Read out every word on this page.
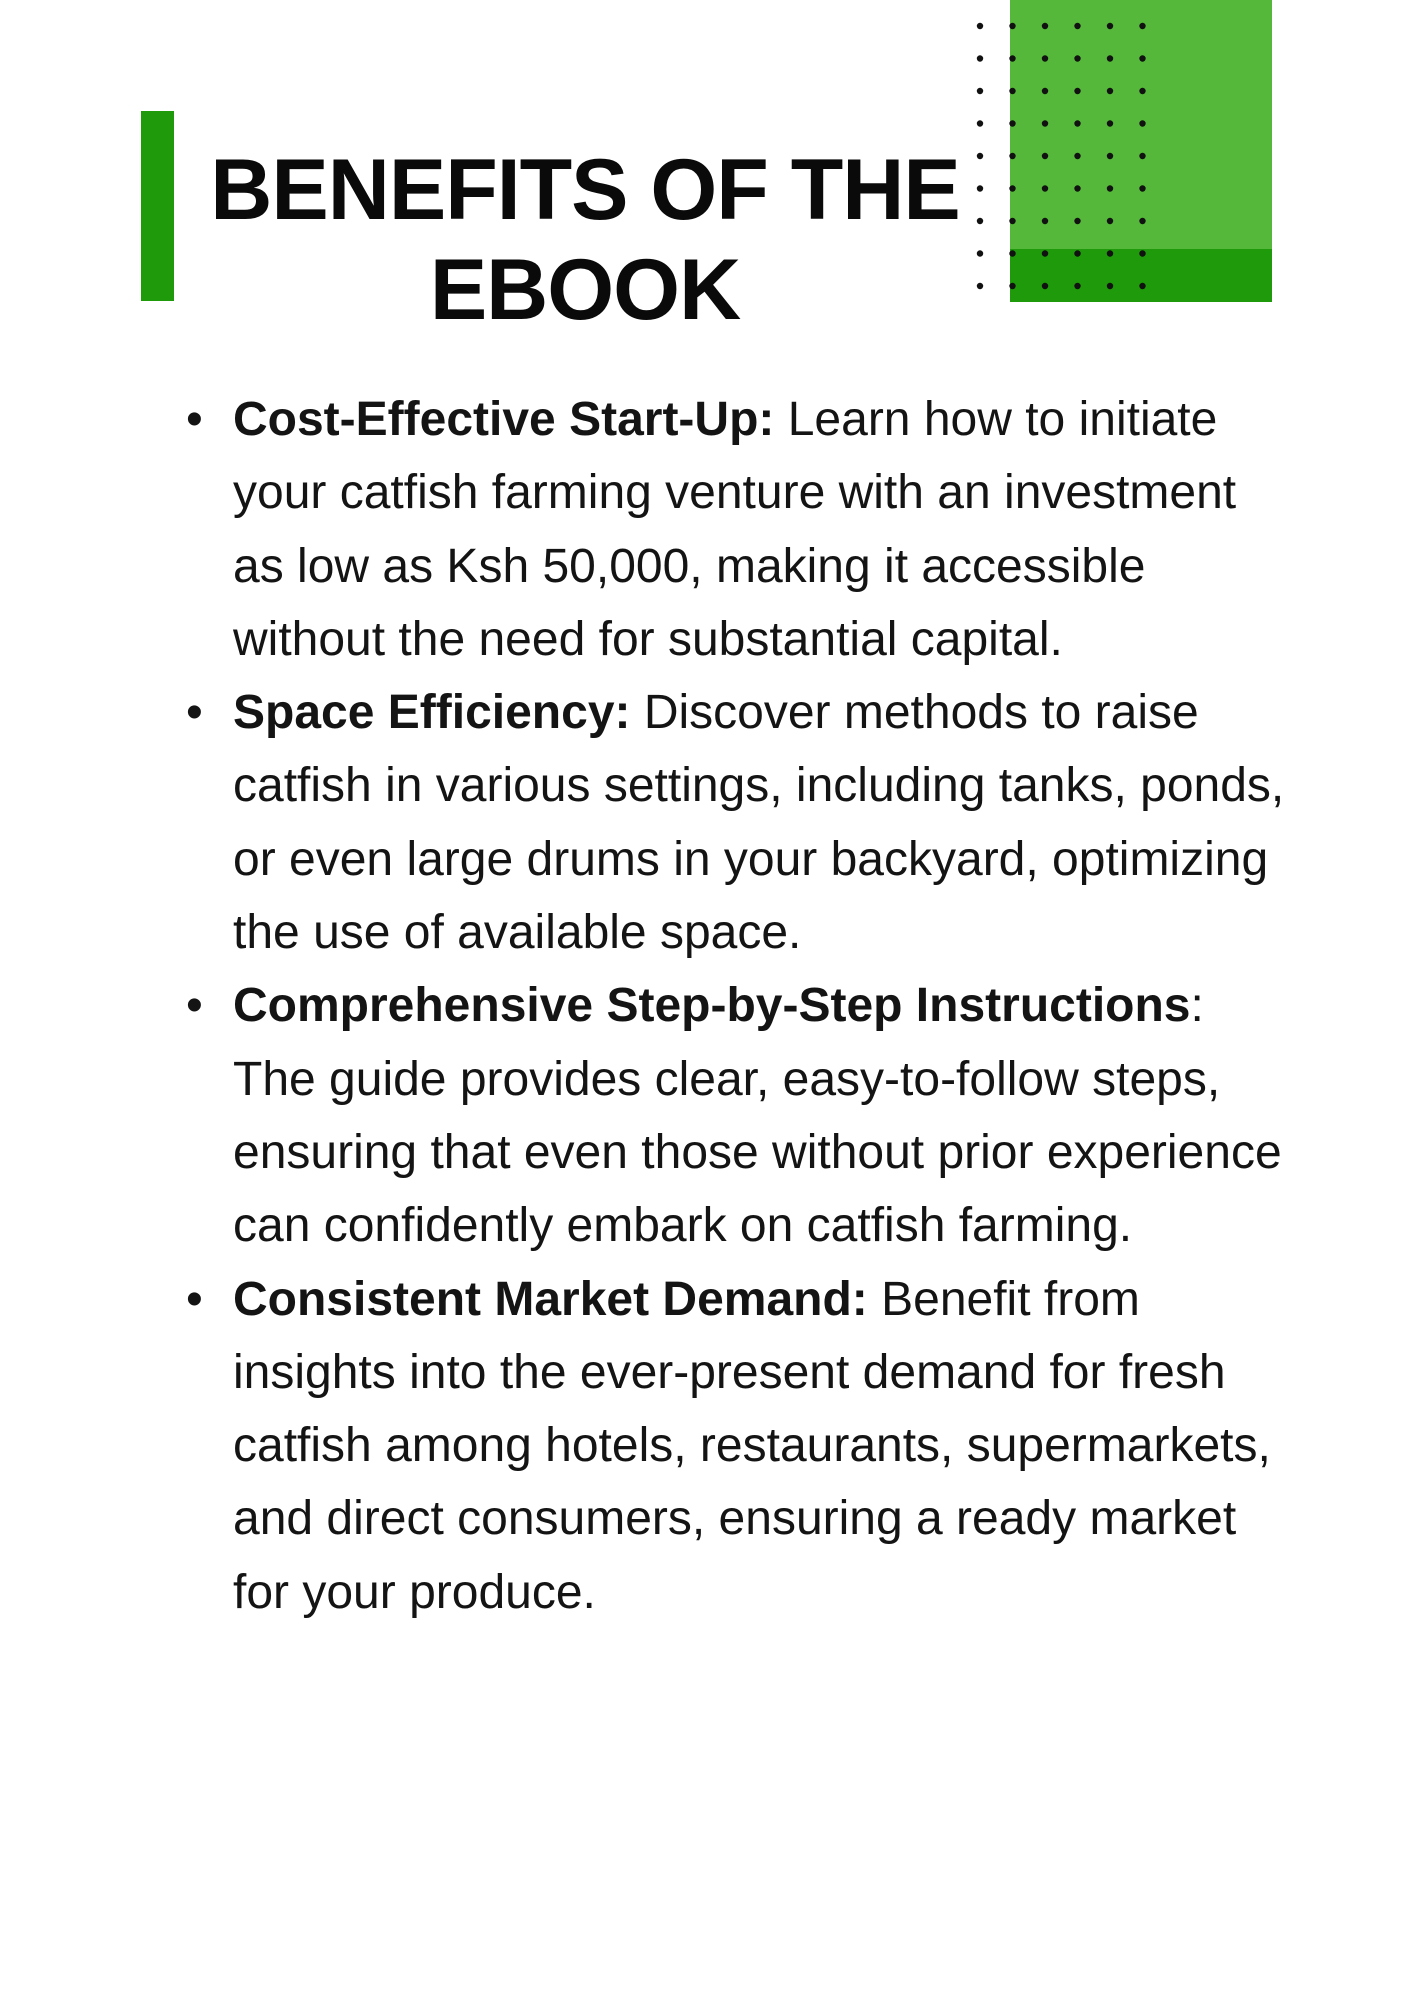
BENEFITS OF THE EBOOK
• Cost-Effective Start-Up: Learn how to initiate your catfish farming venture with an investment as low as Ksh 50,000, making it accessible without the need for substantial capital.
• Space Efficiency: Discover methods to raise catfish in various settings, including tanks, ponds, or even large drums in your backyard, optimizing the use of available space.
• Comprehensive Step-by-Step Instructions: The guide provides clear, easy-to-follow steps, ensuring that even those without prior experience can confidently embark on catfish farming.
• Consistent Market Demand: Benefit from insights into the ever-present demand for fresh catfish among hotels, restaurants, supermarkets, and direct consumers, ensuring a ready market for your produce.
